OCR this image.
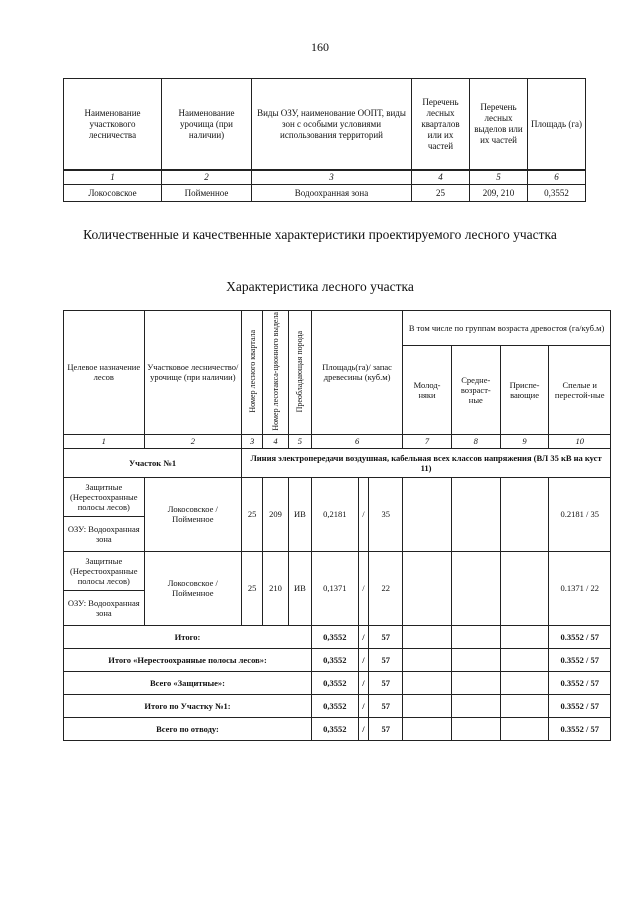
160
Наименование участкового лесничества	Наименование урочища (при наличии)	Виды ОЗУ, наименование ООПТ, виды зон с особыми условиями использования территорий	Перечень лесных кварталов или их частей	Перечень лесных выделов или их частей	Площадь (га)
1	2	3	4	5	6
Локосовское	Пойменное	Водоохранная зона	25	209, 210	0,3552
Количественные и качественные характеристики проектируемого лесного участка
Характеристика лесного участка
Целевое назначение лесов	Участковое лесничество/ урочище (при наличии)	Номер лесного квартала	Номер лесотакса-ционного выдела	Преобладающая порода	Площадь(га)/ запас древесины (куб.м)			В том числе по группам возраста древостоя (га/куб.м)			
								Молод-няки	Средне-возраст-ные	Приспе-вающие	Спелые и перестой-ные
1	2	3	4	5	6			7	8	9	10
Участок №1		Линия электропередачи воздушная, кабельная всех классов напряжения (ВЛ 35 кВ на куст 11)									
Защитные (Нерестоохранные полосы лесов)	Локосовское / Пойменное	25	209	ИВ	0,2181	/	35				0.2181 / 35
ОЗУ: Водоохранная зона											
Защитные (Нерестоохранные полосы лесов)	Локосовское / Пойменное	25	210	ИВ	0,1371	/	22				0.1371 / 22
ОЗУ: Водоохранная зона											
Итого:					0,3552	/	57				0.3552 / 57
Итого «Нерестоохранные полосы лесов»:					0,3552	/	57				0.3552 / 57
Всего «Защитные»:					0,3552	/	57				0.3552 / 57
Итого по Участку №1:					0,3552	/	57				0.3552 / 57
Всего по отводу:					0,3552	/	57				0.3552 / 57
